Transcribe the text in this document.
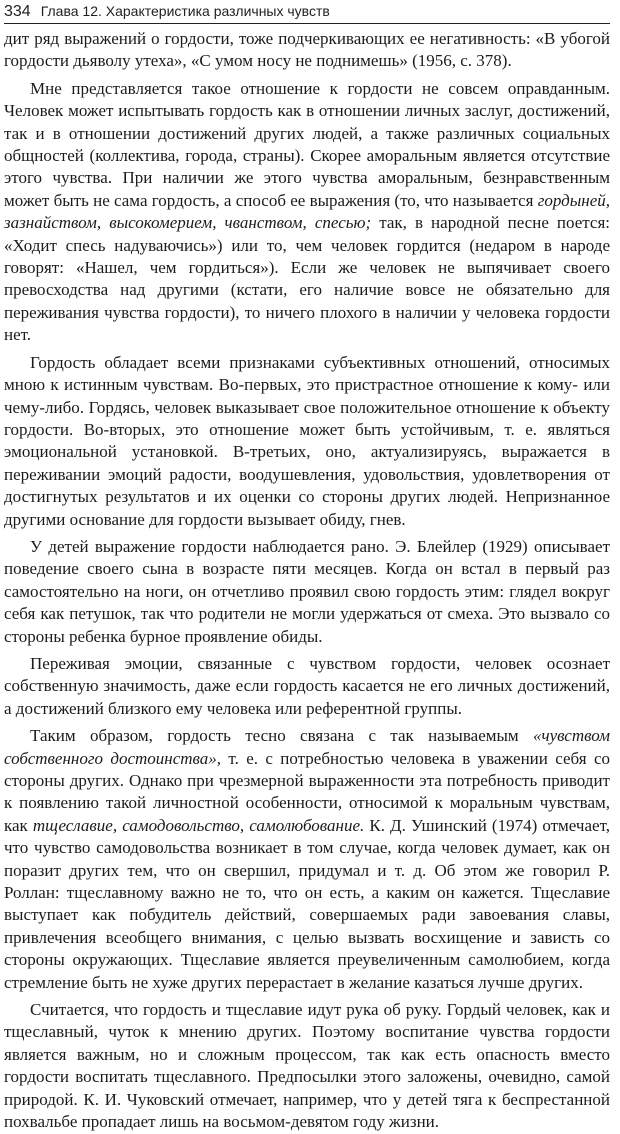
334 Глава 12. Характеристика различных чувств

дит ряд выражений о гордости, тоже подчеркивающих ее негативность: «В убогой гордости дьяволу утеха», «С умом носу не поднимешь» (1956, с. 378).

Мне представляется такое отношение к гордости не совсем оправданным. Человек может испытывать гордость как в отношении личных заслуг, достижений, так и в отношении достижений других людей, а также различных социальных общностей (коллектива, города, страны). Скорее аморальным является отсутствие этого чувства. При наличии же этого чувства аморальным, безнравственным может быть не сама гордость, а способ ее выражения (то, что называется гордыней, зазнайством, высокомерием, чванством, спесью; так, в народной песне поется: «Ходит спесь надуваючись») или то, чем человек гордится (недаром в народе говорят: «Нашел, чем гордиться»). Если же человек не выпячивает своего превосходства над другими (кстати, его наличие вовсе не обязательно для переживания чувства гордости), то ничего плохого в наличии у человека гордости нет.

Гордость обладает всеми признаками субъективных отношений, относимых мною к истинным чувствам. Во-первых, это пристрастное отношение к кому- или чему-либо. Гордясь, человек выказывает свое положительное отношение к объекту гордости. Во-вторых, это отношение может быть устойчивым, т. е. являться эмоциональной установкой. В-третьих, оно, актуализируясь, выражается в переживании эмоций радости, воодушевления, удовольствия, удовлетворения от достигнутых результатов и их оценки со стороны других людей. Непризнанное другими основание для гордости вызывает обиду, гнев.

У детей выражение гордости наблюдается рано. Э. Блейлер (1929) описывает поведение своего сына в возрасте пяти месяцев. Когда он встал в первый раз самостоятельно на ноги, он отчетливо проявил свою гордость этим: глядел вокруг себя как петушок, так что родители не могли удержаться от смеха. Это вызвало со стороны ребенка бурное проявление обиды.

Переживая эмоции, связанные с чувством гордости, человек осознает собственную значимость, даже если гордость касается не его личных достижений, а достижений близкого ему человека или референтной группы.

Таким образом, гордость тесно связана с так называемым «чувством собственного достоинства», т. е. с потребностью человека в уважении себя со стороны других. Однако при чрезмерной выраженности эта потребность приводит к появлению такой личностной особенности, относимой к моральным чувствам, как тщеславие, самодовольство, самолюбование. К. Д. Ушинский (1974) отмечает, что чувство самодовольства возникает в том случае, когда человек думает, как он поразит других тем, что он свершил, придумал и т. д. Об этом же говорил Р. Роллан: тщеславному важно не то, что он есть, а каким он кажется. Тщеславие выступает как побудитель действий, совершаемых ради завоевания славы, привлечения всеобщего внимания, с целью вызвать восхищение и зависть со стороны окружающих. Тщеславие является преувеличенным самолюбием, когда стремление быть не хуже других перерастает в желание казаться лучше других.

Считается, что гордость и тщеславие идут рука об руку. Гордый человек, как и тщеславный, чуток к мнению других. Поэтому воспитание чувства гордости является важным, но и сложным процессом, так как есть опасность вместо гордости воспитать тщеславного. Предпосылки этого заложены, очевидно, самой природой. К. И. Чуковский отмечает, например, что у детей тяга к беспрестанной похвальбе пропадает лишь на восьмом-девятом году жизни.
